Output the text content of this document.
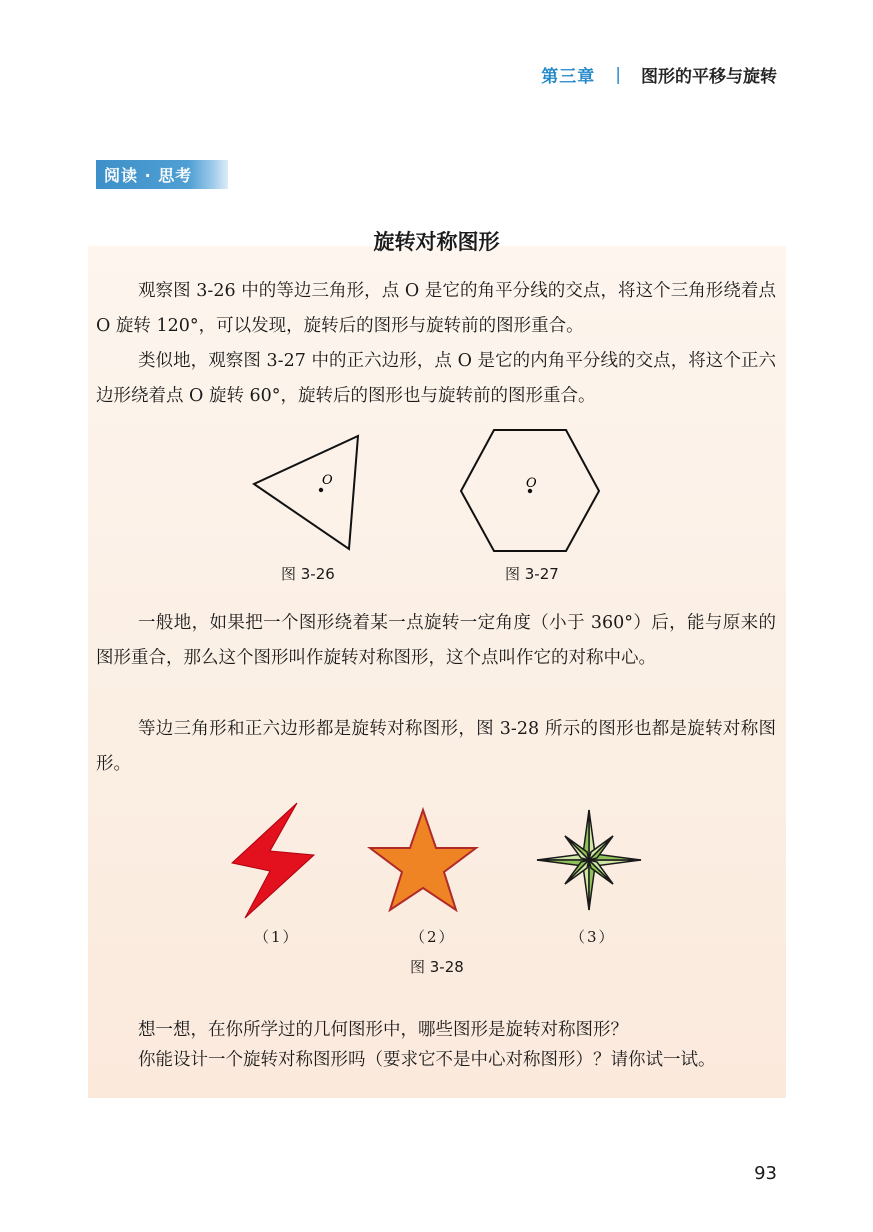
第三章 | 图形的平移与旋转
阅读 · 思考
旋转对称图形

观察图 3-26 中的等边三角形，点 O 是它的角平分线的交点，将这个三角形绕着点 O 旋转 120°，可以发现，旋转后的图形与旋转前的图形重合。

类似地，观察图 3-27 中的正六边形，点 O 是它的内角平分线的交点，将这个正六边形绕着点 O 旋转 60°，旋转后的图形也与旋转前的图形重合。

O
图 3-26
O
图 3-27

一般地，如果把一个图形绕着某一点旋转一定角度（小于 360°）后，能与原来的图形重合，那么这个图形叫作旋转对称图形，这个点叫作它的对称中心。

等边三角形和正六边形都是旋转对称图形，图 3-28 所示的图形也都是旋转对称图形。

（1）	（2）	（3）
图 3-28

想一想，在你所学过的几何图形中，哪些图形是旋转对称图形？

你能设计一个旋转对称图形吗（要求它不是中心对称图形）？请你试一试。

93
